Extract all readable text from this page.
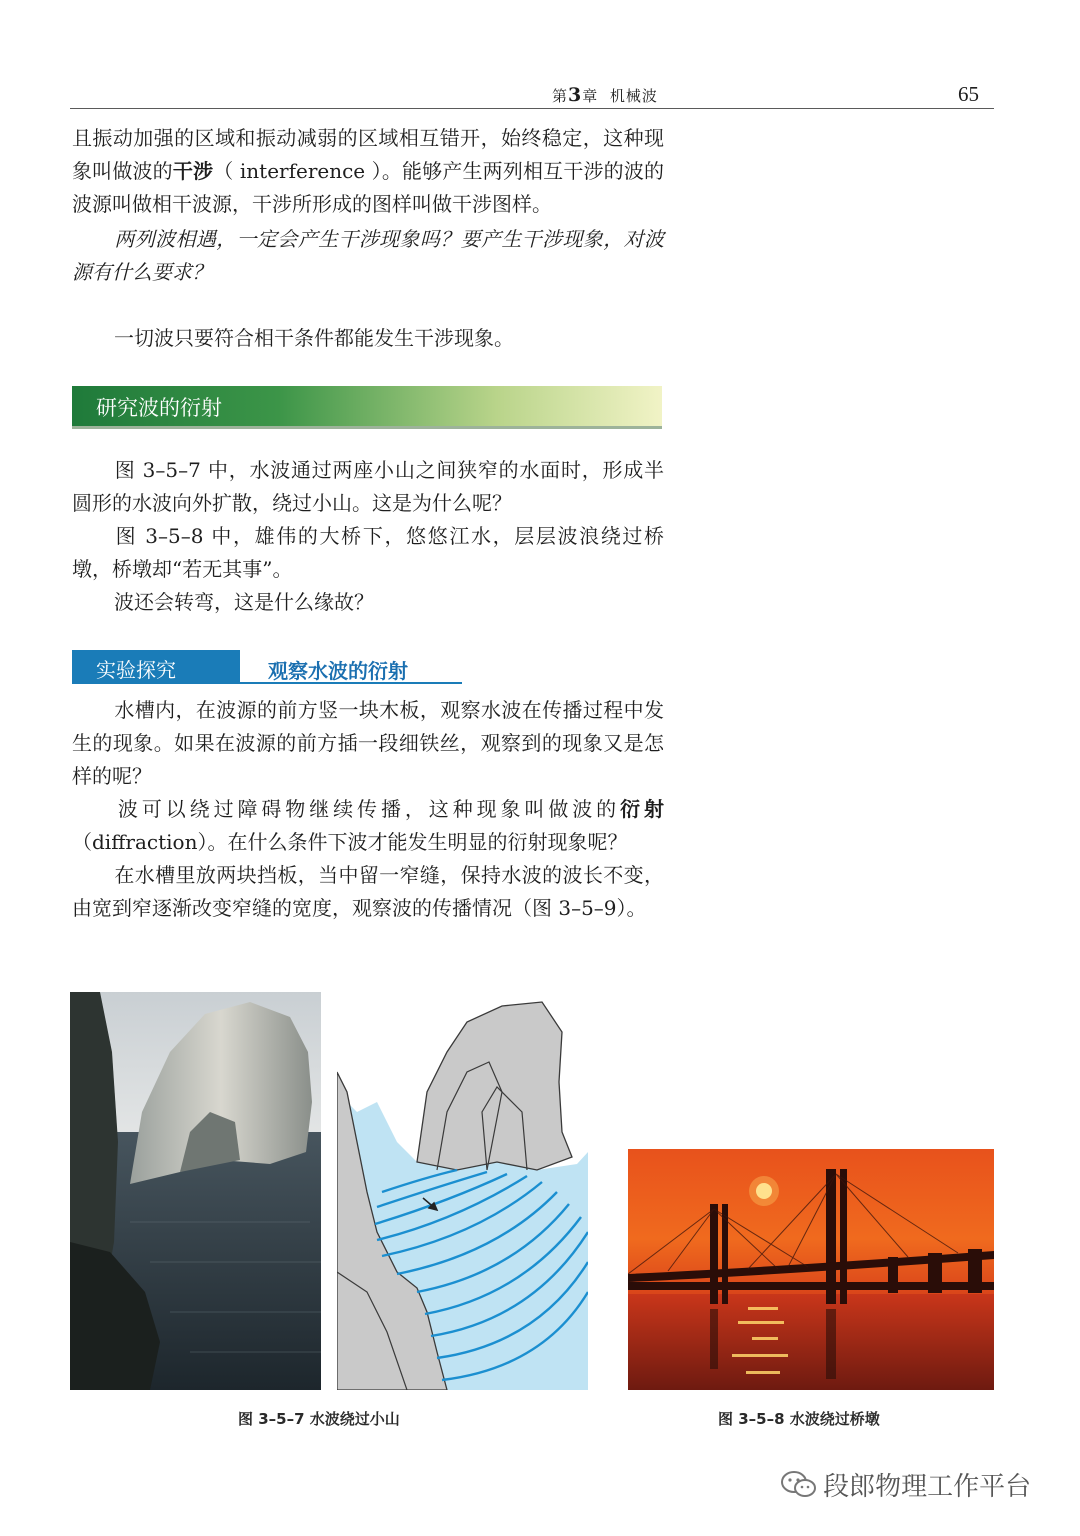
第3章 机械波	65
且振动加强的区域和振动减弱的区域相互错开，始终稳定，这种现象叫做波的干涉（ interference ）。能够产生两列相互干涉的波的波源叫做相干波源，干涉所形成的图样叫做干涉图样。
两列波相遇，一定会产生干涉现象吗？要产生干涉现象，对波源有什么要求？
一切波只要符合相干条件都能发生干涉现象。
研究波的衍射
图 3–5–7 中，水波通过两座小山之间狭窄的水面时，形成半圆形的水波向外扩散，绕过小山。这是为什么呢？
图 3–5–8 中，雄伟的大桥下，悠悠江水，层层波浪绕过桥墩，桥墩却“若无其事”。
波还会转弯，这是什么缘故？
实验探究	观察水波的衍射
水槽内，在波源的前方竖一块木板，观察水波在传播过程中发生的现象。如果在波源的前方插一段细铁丝，观察到的现象又是怎样的呢？
波可以绕过障碍物继续传播，这种现象叫做波的衍射（diffraction）。在什么条件下波才能发生明显的衍射现象呢？
在水槽里放两块挡板，当中留一窄缝，保持水波的波长不变，由宽到窄逐渐改变窄缝的宽度，观察波的传播情况（图 3–5–9）。
图 3–5–7 水波绕过小山	图 3–5–8 水波绕过桥墩
段郎物理工作平台
